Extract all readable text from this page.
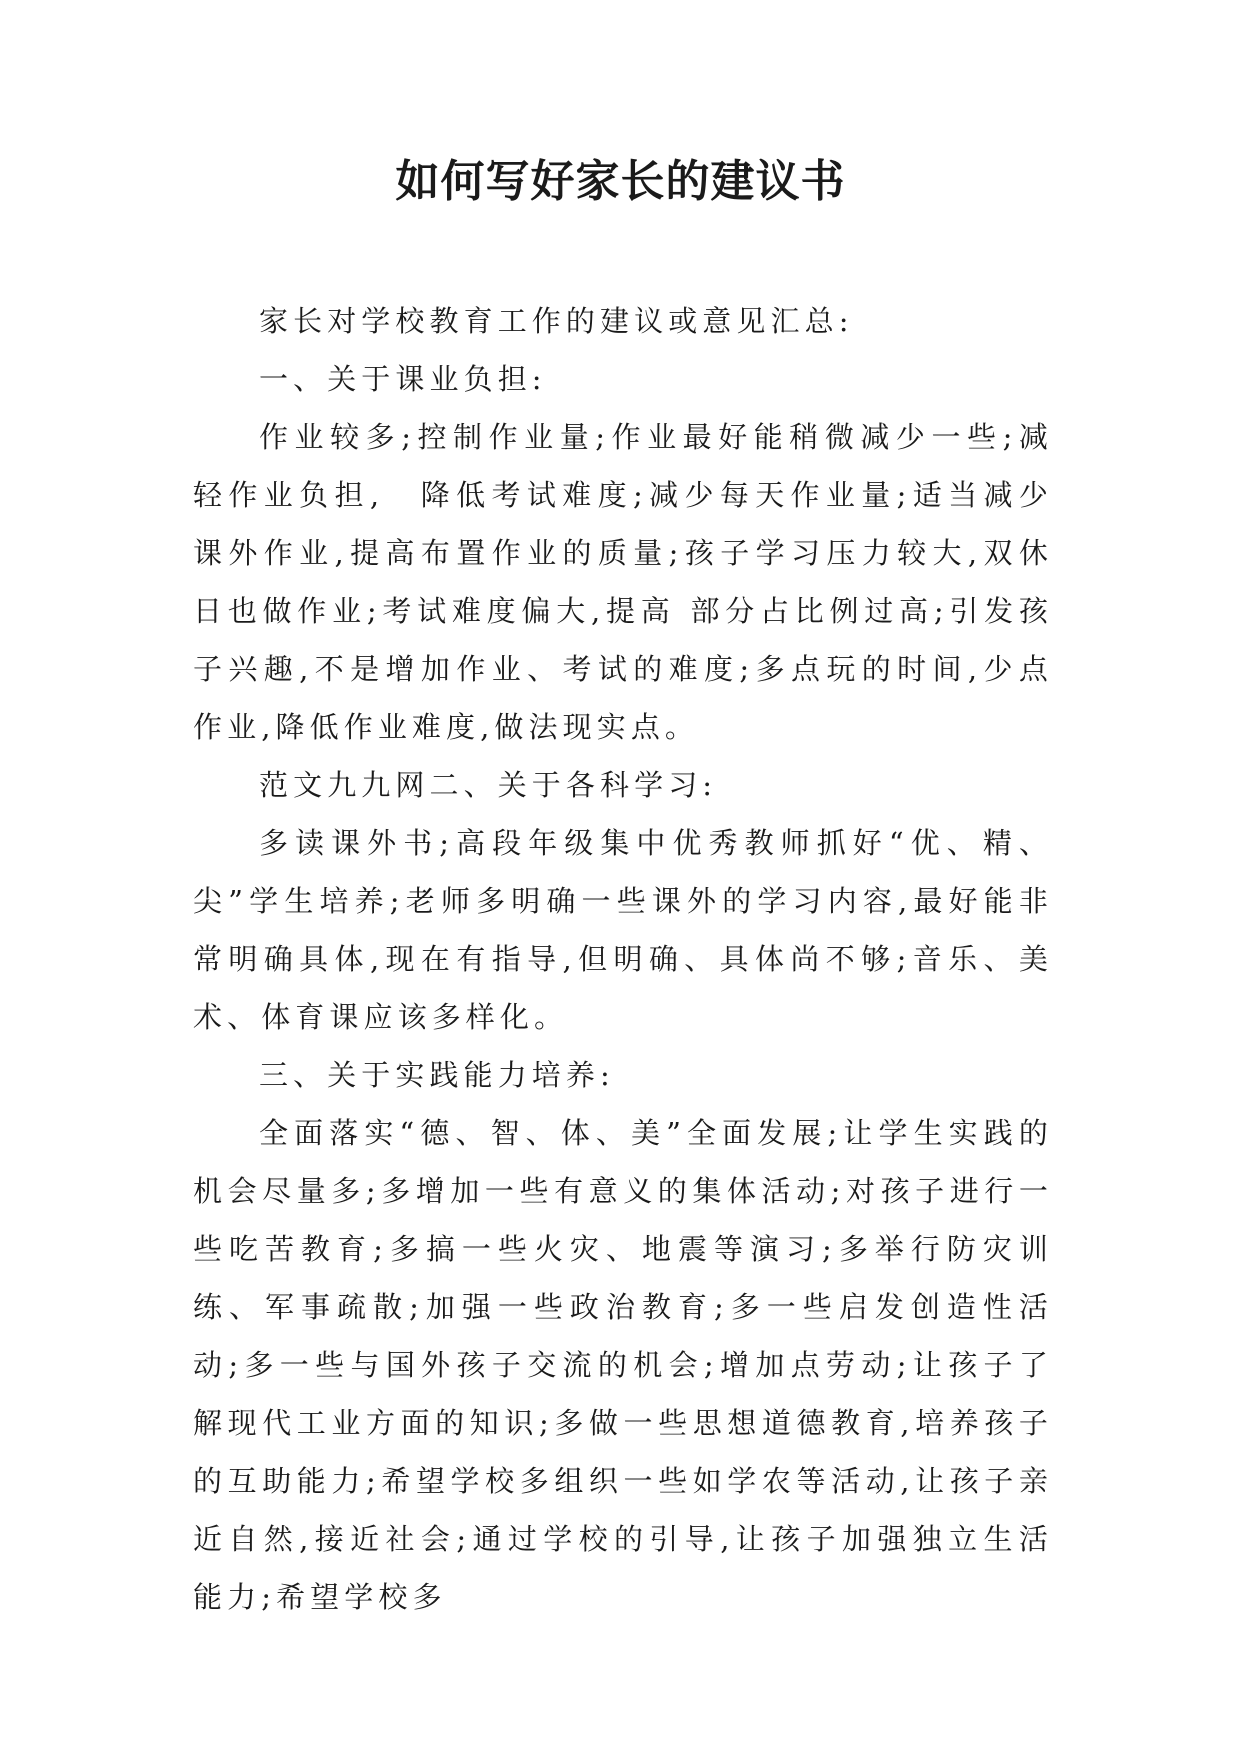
如何写好家长的建议书

家长对学校教育工作的建议或意见汇总:

一、关于课业负担:

作业较多;控制作业量;作业最好能稍微减少一些;减轻作业负担,　降低考试难度;减少每天作业量;适当减少课外作业,提高布置作业的质量;孩子学习压力较大,双休日也做作业;考试难度偏大,提高 部分占比例过高;引发孩子兴趣,不是增加作业、考试的难度;多点玩的时间,少点作业,降低作业难度,做法现实点。

范文九九网二、关于各科学习:

多读课外书;高段年级集中优秀教师抓好“优、精、尖”学生培养;老师多明确一些课外的学习内容,最好能非常明确具体,现在有指导,但明确、具体尚不够;音乐、美术、体育课应该多样化。

三、关于实践能力培养:

全面落实“德、智、体、美”全面发展;让学生实践的机会尽量多;多增加一些有意义的集体活动;对孩子进行一些吃苦教育;多搞一些火灾、地震等演习;多举行防灾训练、军事疏散;加强一些政治教育;多一些启发创造性活动;多一些与国外孩子交流的机会;增加点劳动;让孩子了解现代工业方面的知识;多做一些思想道德教育,培养孩子的互助能力;希望学校多组织一些如学农等活动,让孩子亲近自然,接近社会;通过学校的引导,让孩子加强独立生活能力;希望学校多
